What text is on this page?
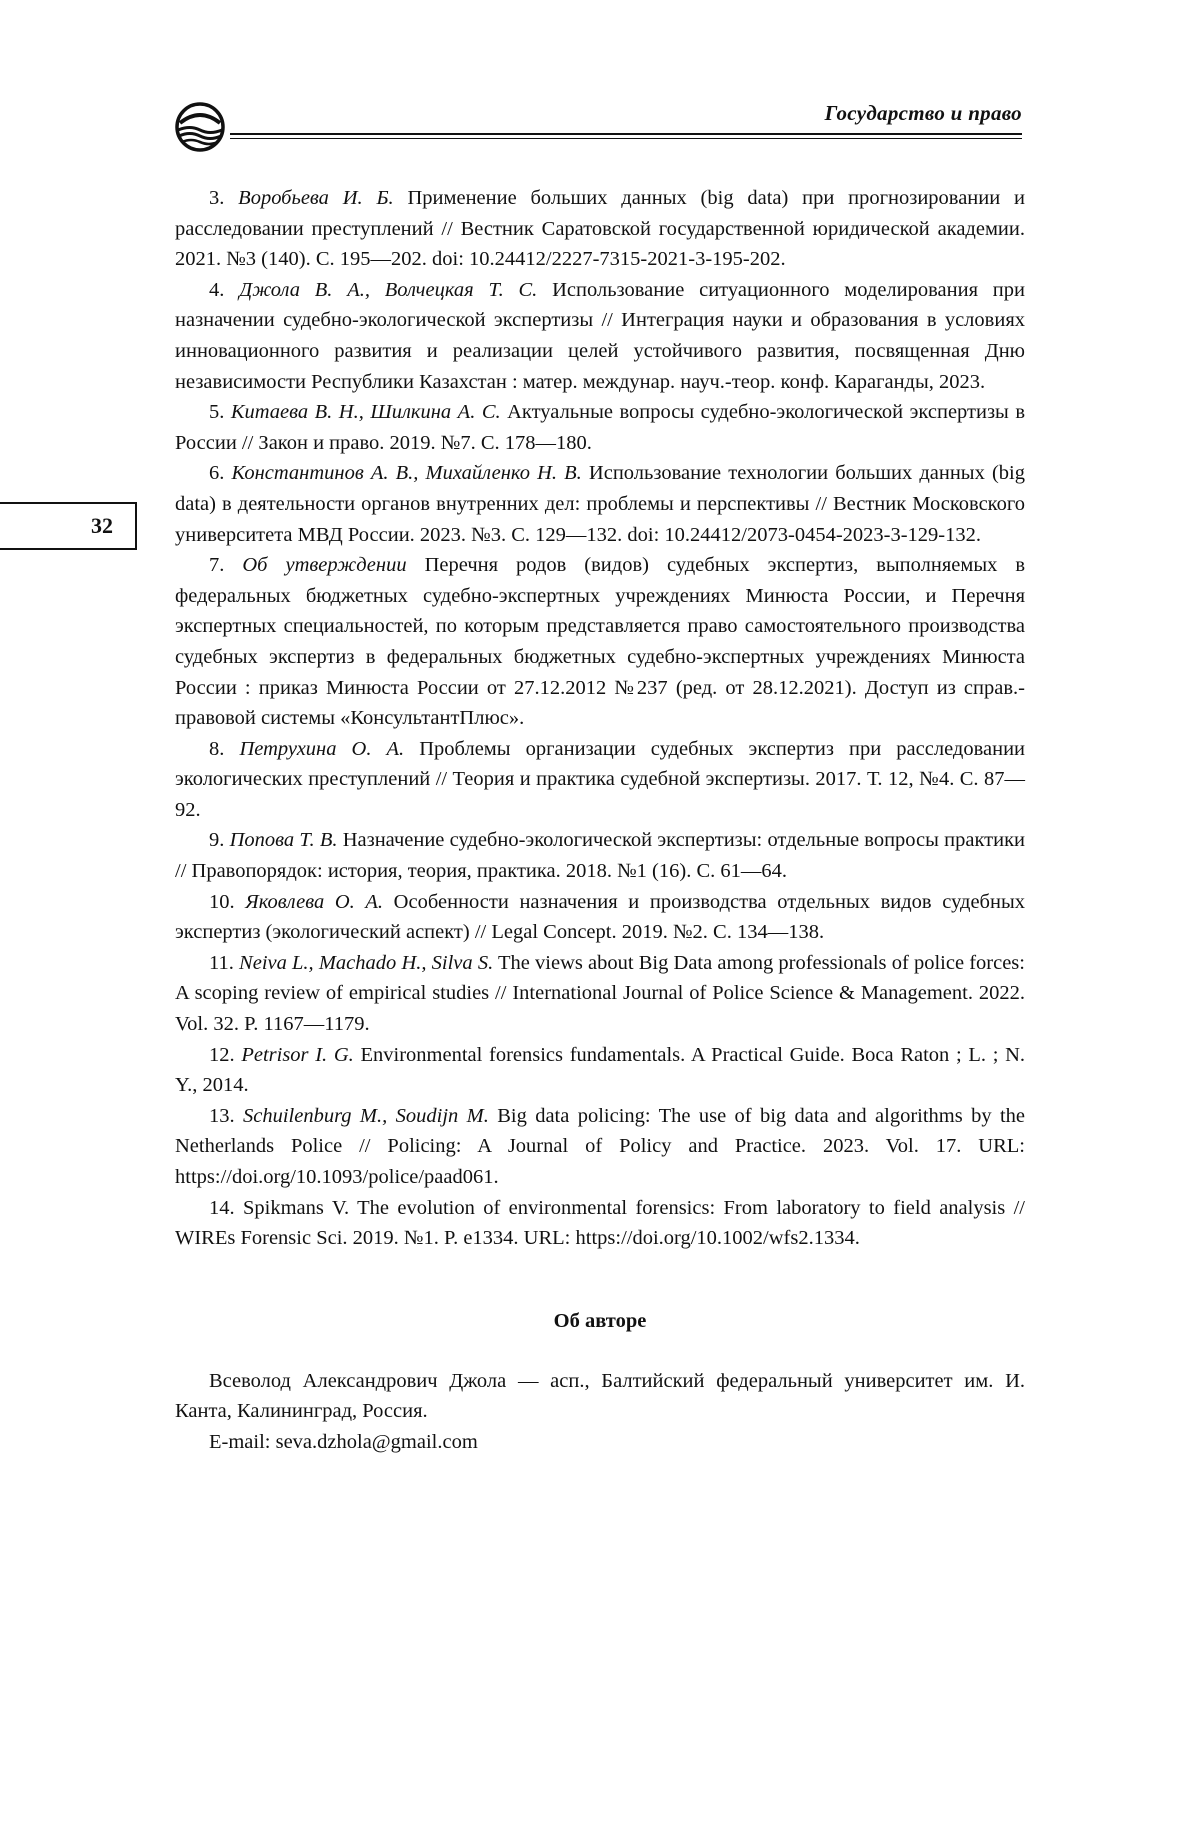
Государство и право
32

3. Воробьева И. Б. Применение больших данных (big data) при прогнозировании и расследовании преступлений // Вестник Саратовской государственной юридической академии. 2021. №3 (140). С. 195—202. doi: 10.24412/2227-7315-2021-3-195-202.

4. Джола В. А., Волчецкая Т. С. Использование ситуационного моделирования при назначении судебно-экологической экспертизы // Интеграция науки и образования в условиях инновационного развития и реализации целей устойчивого развития, посвященная Дню независимости Республики Казахстан : матер. междунар. науч.-теор. конф. Караганды, 2023.

5. Китаева В. Н., Шилкина А. С. Актуальные вопросы судебно-экологической экспертизы в России // Закон и право. 2019. №7. С. 178—180.

6. Константинов А. В., Михайленко Н. В. Использование технологии больших данных (big data) в деятельности органов внутренних дел: проблемы и перспективы // Вестник Московского университета МВД России. 2023. №3. С. 129—132. doi: 10.24412/2073-0454-2023-3-129-132.

7. Об утверждении Перечня родов (видов) судебных экспертиз, выполняемых в федеральных бюджетных судебно-экспертных учреждениях Минюста России, и Перечня экспертных специальностей, по которым представляется право самостоятельного производства судебных экспертиз в федеральных бюджетных судебно-экспертных учреждениях Минюста России : приказ Минюста России от 27.12.2012 №237 (ред. от 28.12.2021). Доступ из справ.-правовой системы «КонсультантПлюс».

8. Петрухина О. А. Проблемы организации судебных экспертиз при расследовании экологических преступлений // Теория и практика судебной экспертизы. 2017. Т. 12, №4. С. 87—92.

9. Попова Т. В. Назначение судебно-экологической экспертизы: отдельные вопросы практики // Правопорядок: история, теория, практика. 2018. №1 (16). С. 61—64.

10. Яковлева О. А. Особенности назначения и производства отдельных видов судебных экспертиз (экологический аспект) // Legal Concept. 2019. №2. С. 134—138.

11. Neiva L., Machado H., Silva S. The views about Big Data among professionals of police forces: A scoping review of empirical studies // International Journal of Police Science & Management. 2022. Vol. 32. P. 1167—1179.

12. Petrisor I. G. Environmental forensics fundamentals. A Practical Guide. Boca Raton ; L. ; N. Y., 2014.

13. Schuilenburg M., Soudijn M. Big data policing: The use of big data and algorithms by the Netherlands Police // Policing: A Journal of Policy and Practice. 2023. Vol. 17. URL: https://doi.org/10.1093/police/paad061.

14. Spikmans V. The evolution of environmental forensics: From laboratory to field analysis // WIREs Forensic Sci. 2019. №1. P. e1334. URL: https://doi.org/10.1002/wfs2.1334.

Об авторе

Всеволод Александрович Джола — асп., Балтийский федеральный университет им. И. Канта, Калининград, Россия.

E-mail: seva.dzhola@gmail.com
